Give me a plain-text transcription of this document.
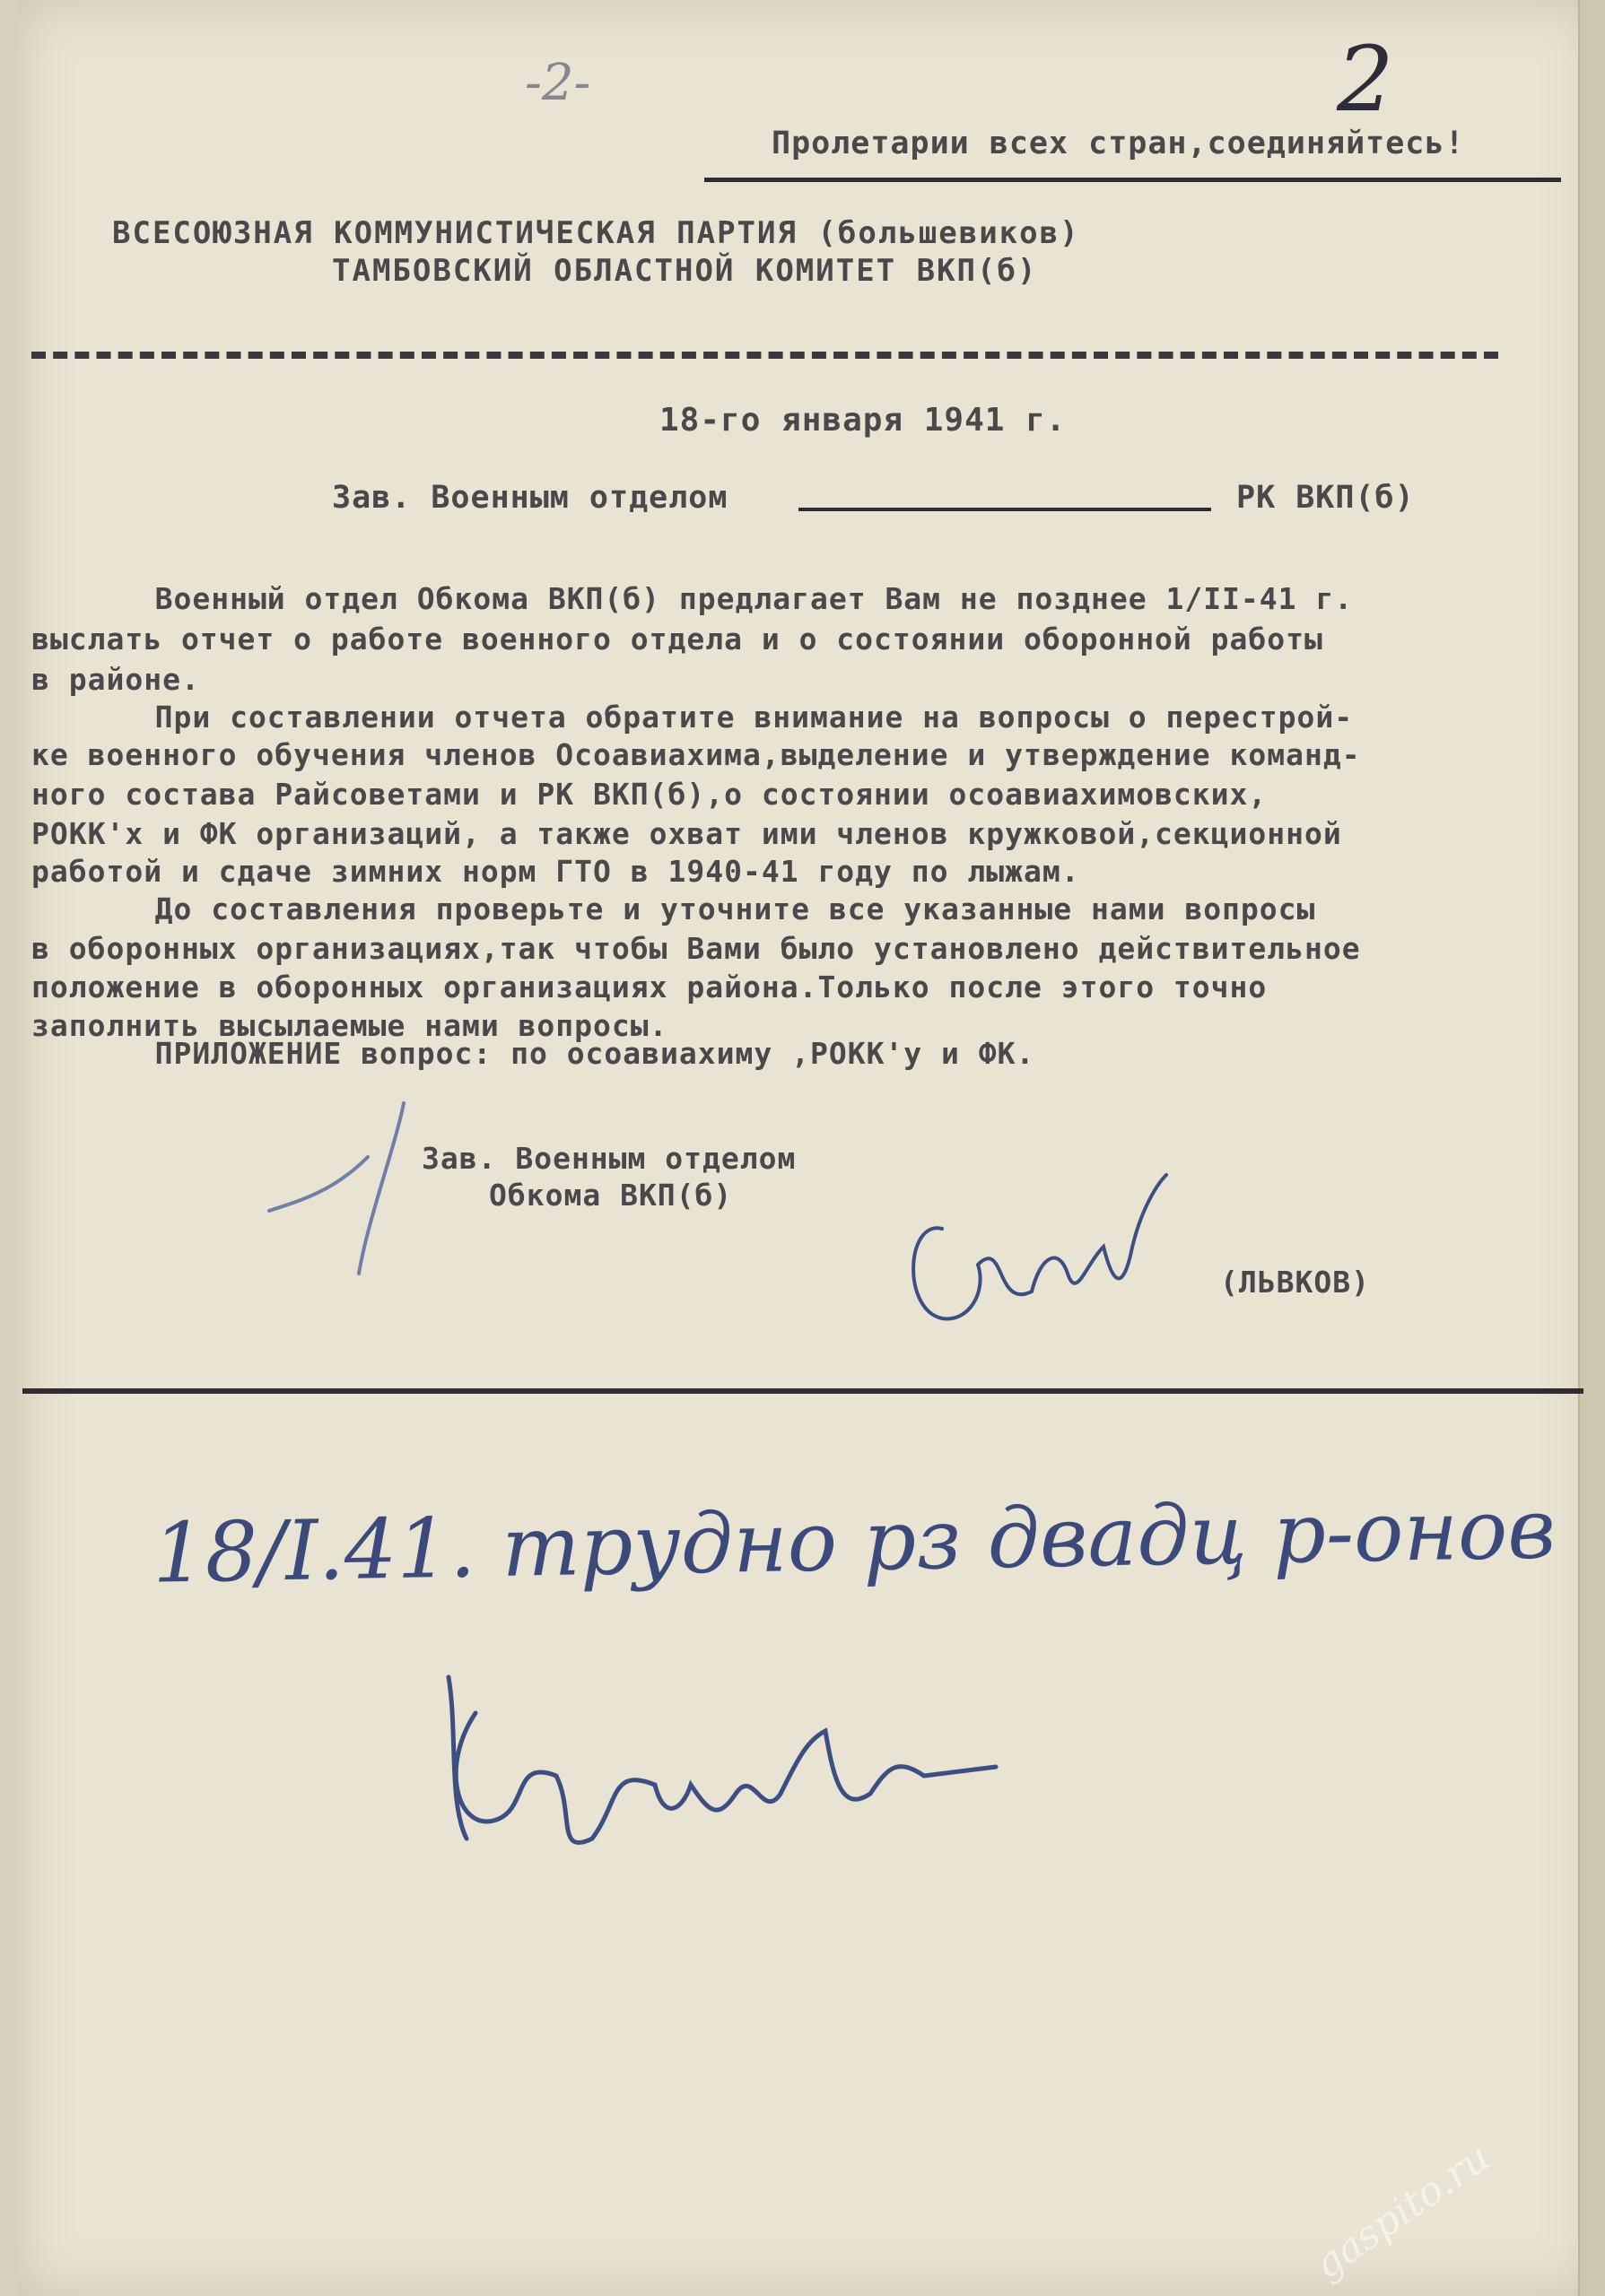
-2-	2
Пролетарии всех стран,соединяйтесь!
ВСЕСОЮЗНАЯ КОММУНИСТИЧЕСКАЯ ПАРТИЯ (большевиков)
ТАМБОВСКИЙ ОБЛАСТНОЙ КОМИТЕТ ВКП(б)
18-го января 1941 г.
Зав. Военным отделом	РК ВКП(б)
Военный отдел Обкома ВКП(б) предлагает Вам не позднее 1/II-41 г.
выслать отчет о работе военного отдела и о состоянии оборонной работы
в районе.
При составлении отчета обратите внимание на вопросы о перестрой-
ке военного обучения членов Осоавиахима,выделение и утверждение команд-
ного состава Райсоветами и РК ВКП(б),о состоянии осоавиахимовских,
РОКК'х и ФК организаций, а также охват ими членов кружковой,секционной
работой и сдаче зимних норм ГТО в 1940-41 году по лыжам.
До составления проверьте и уточните все указанные нами вопросы
в оборонных организациях,так чтобы Вами было установлено действительное
положение в оборонных организациях района.Только после этого точно
заполнить высылаемые нами вопросы.
ПРИЛОЖЕНИЕ вопрос: по осоавиахиму ,РОКК'у и ФК.
Зав. Военным отделом
Обкома ВКП(б)
(ЛЬВКОВ)
18/I.41. трудно рз двадц р-онов
gaspito.ru
